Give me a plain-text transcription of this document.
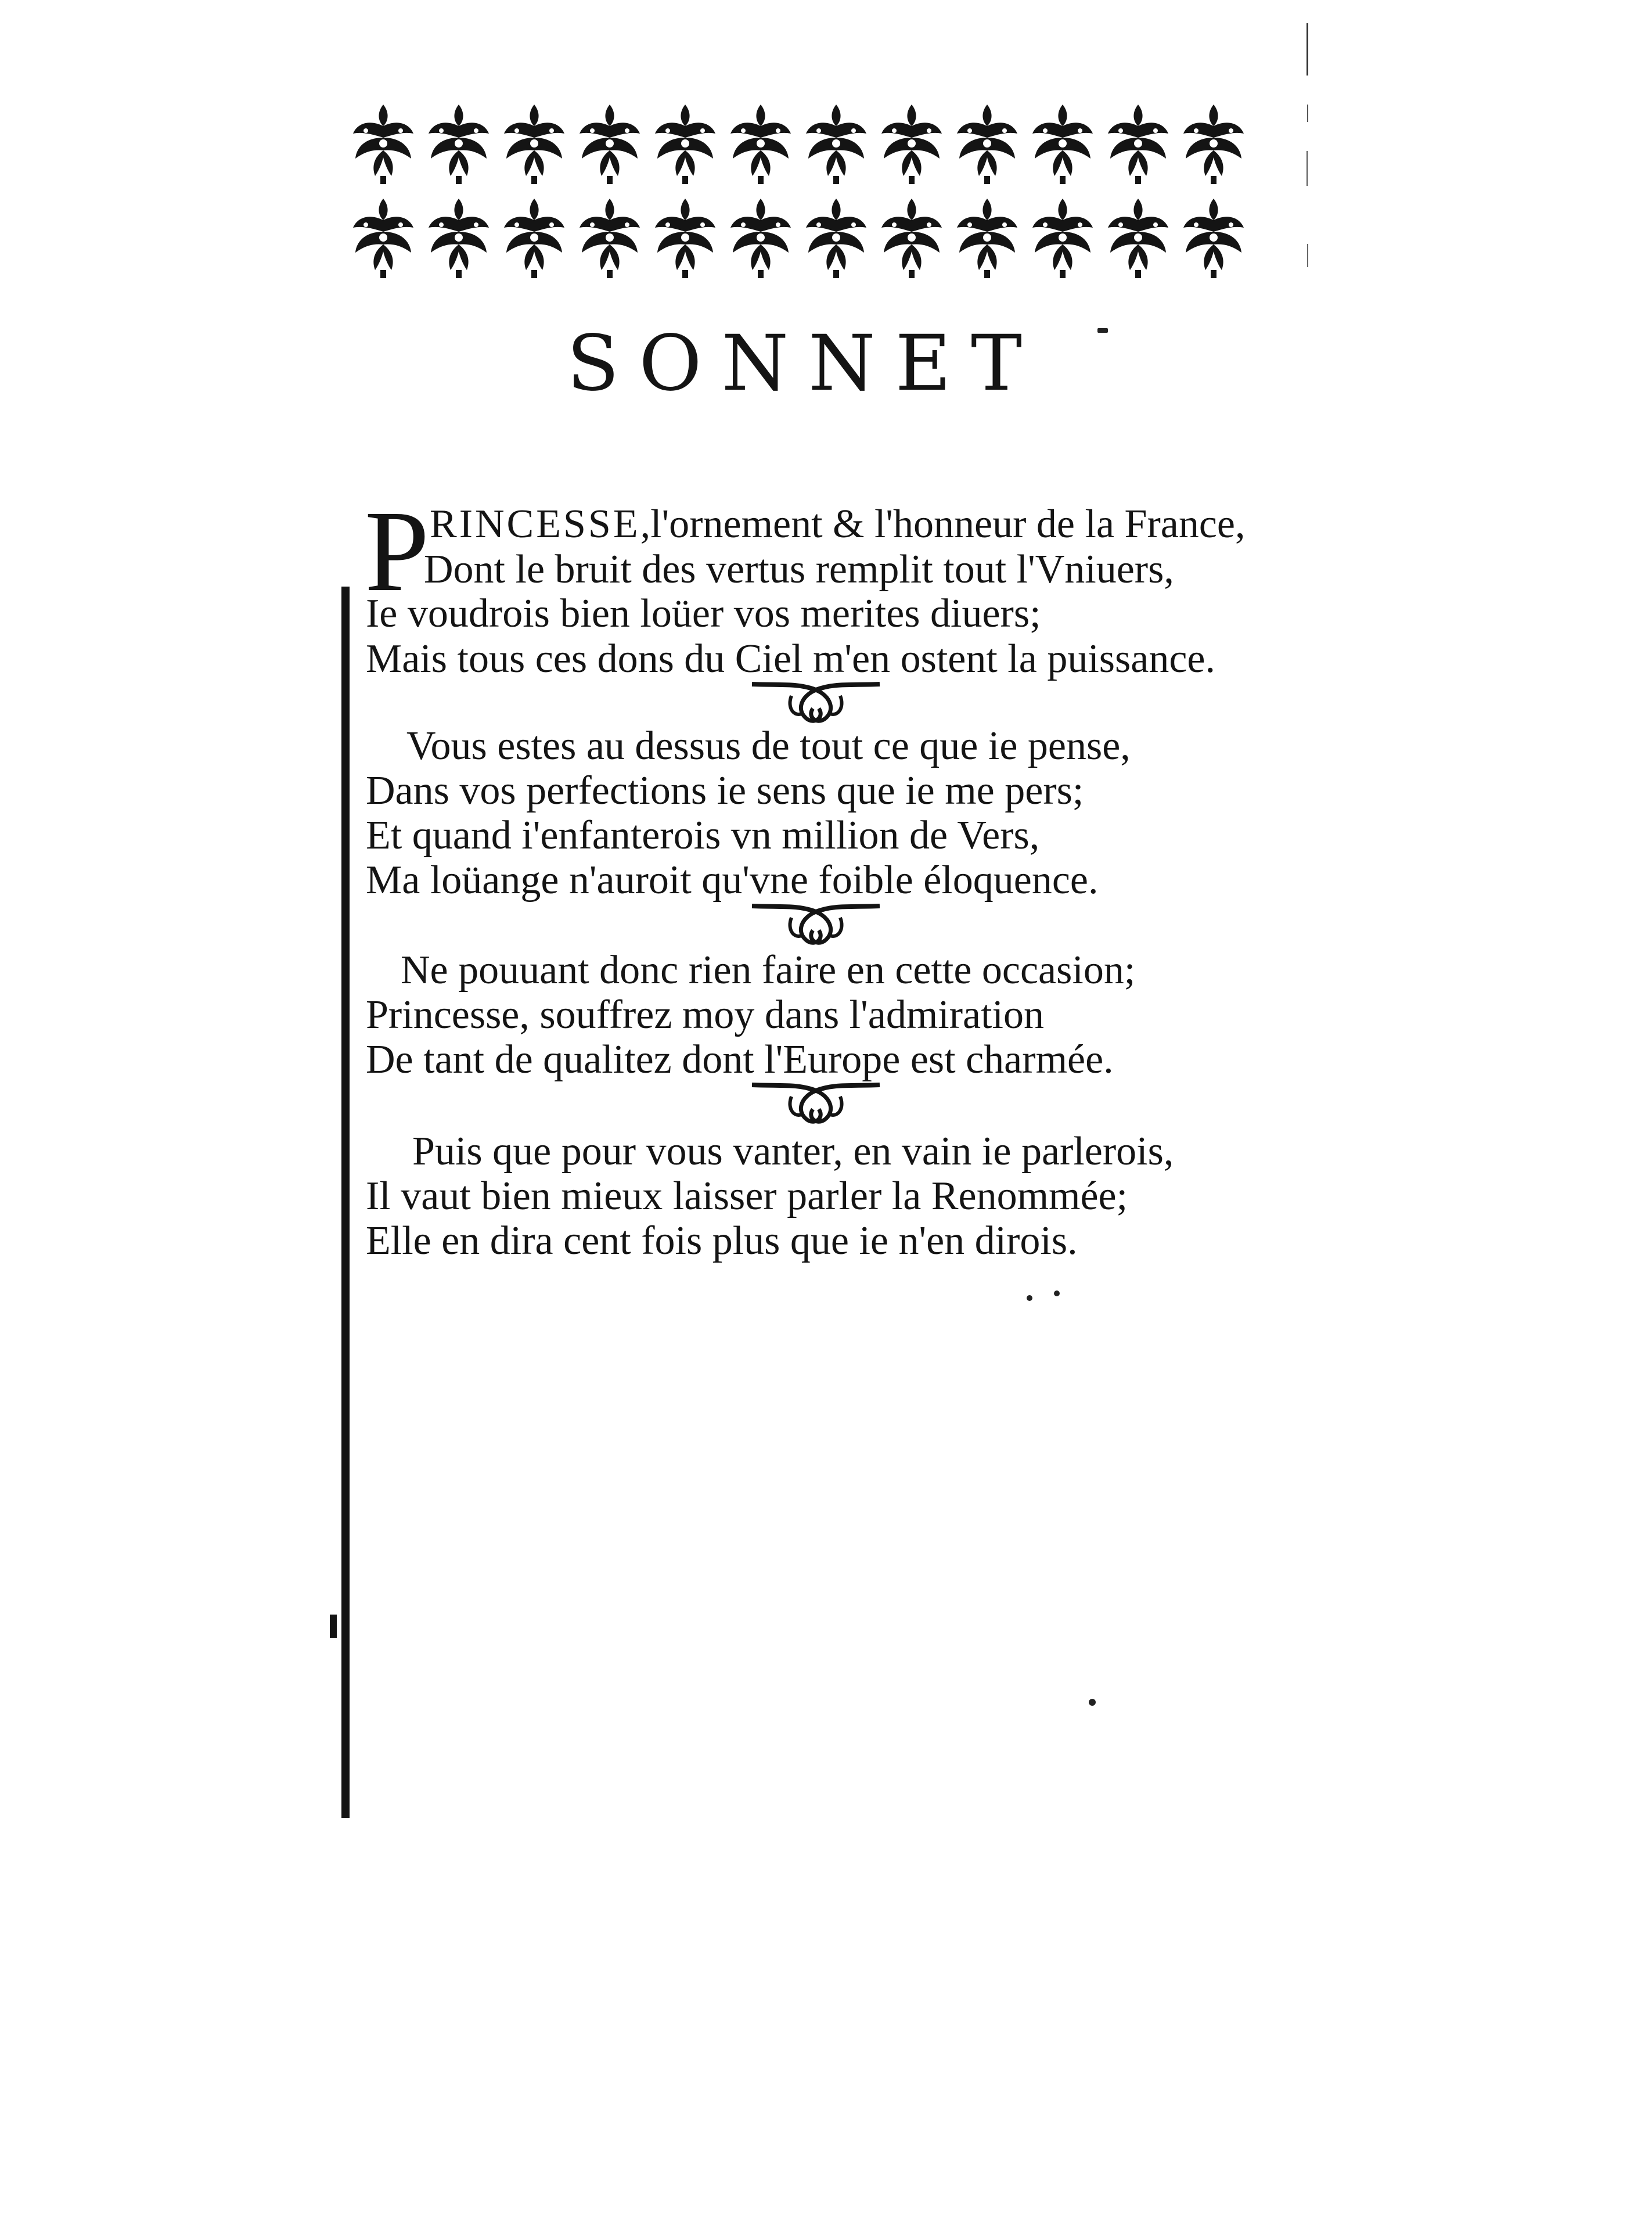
SONNET
P RINCESSE,l'ornement & l'honneur de la France,
Dont le bruit des vertus remplit tout l'Vniuers,
Ie voudrois bien loüer vos merites diuers;
Mais tous ces dons du Ciel m'en ostent la puissance.
Vous estes au dessus de tout ce que ie pense,
Dans vos perfections ie sens que ie me pers;
Et quand i'enfanterois vn million de Vers,
Ma loüange n'auroit qu'vne foible éloquence.
Ne pouuant donc rien faire en cette occasion;
Princesse, souffrez moy dans l'admiration
De tant de qualitez dont l'Europe est charmée.
Puis que pour vous vanter, en vain ie parlerois,
Il vaut bien mieux laisser parler la Renommée;
Elle en dira cent fois plus que ie n'en dirois.
